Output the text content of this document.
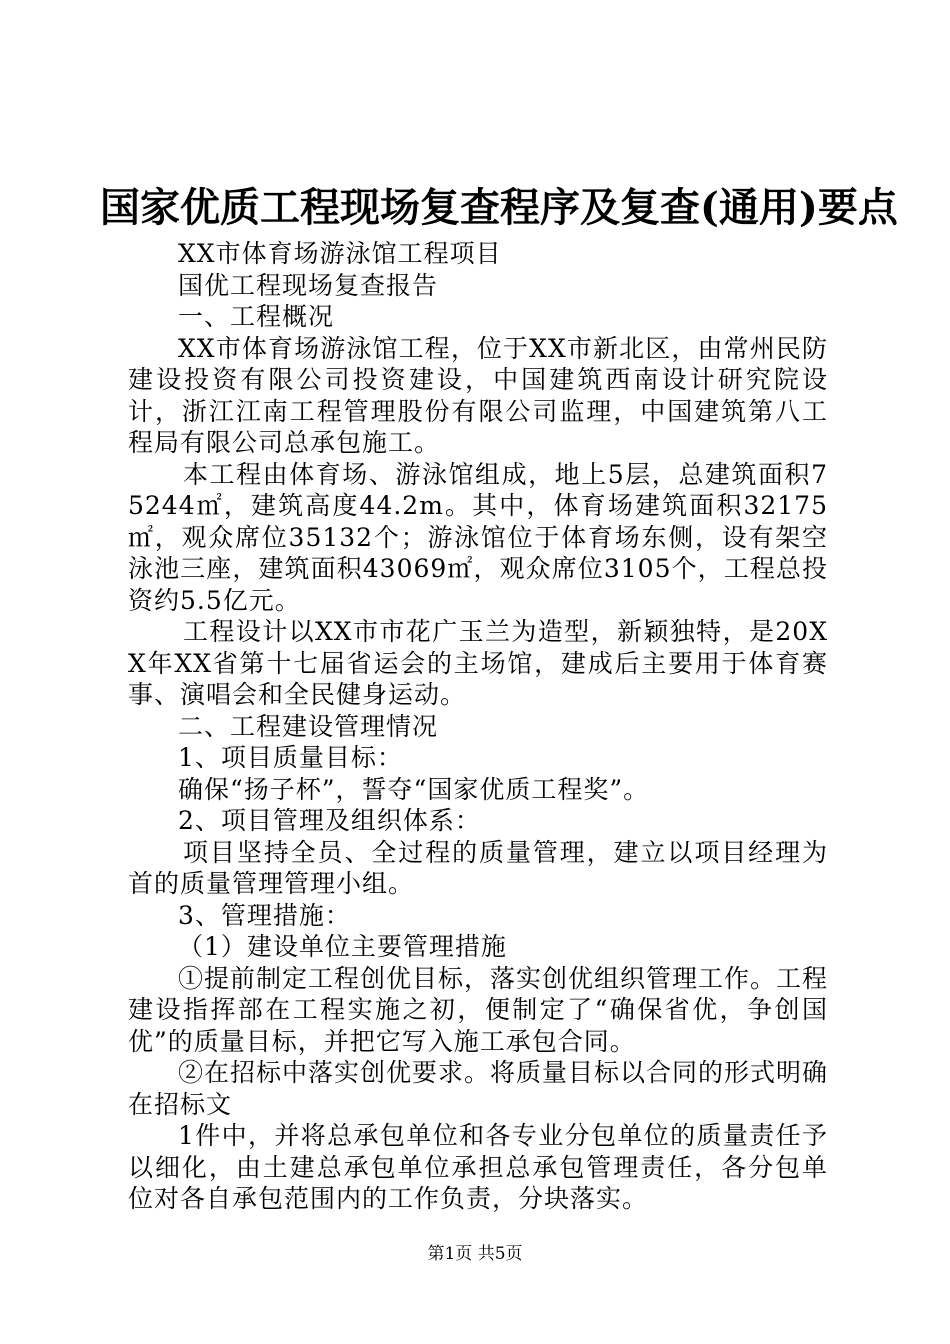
国家优质工程现场复查程序及复查(通用)要点

XX市体育场游泳馆工程项目

国优工程现场复查报告

一、工程概况

XX市体育场游泳馆工程，位于XX市新北区，由常州民防建设投资有限公司投资建设，中国建筑西南设计研究院设计，浙江江南工程管理股份有限公司监理，中国建筑第八工程局有限公司总承包施工。

本工程由体育场、游泳馆组成，地上5层，总建筑面积75244㎡，建筑高度44.2m。其中，体育场建筑面积32175㎡，观众席位35132个；游泳馆位于体育场东侧，设有架空泳池三座，建筑面积43069㎡，观众席位3105个，工程总投资约5.5亿元。

工程设计以XX市市花广玉兰为造型，新颖独特，是20XX年XX省第十七届省运会的主场馆，建成后主要用于体育赛事、演唱会和全民健身运动。

二、工程建设管理情况

1、项目质量目标：

确保“扬子杯”，誓夺“国家优质工程奖”。

2、项目管理及组织体系：

项目坚持全员、全过程的质量管理，建立以项目经理为首的质量管理管理小组。

3、管理措施：

（1）建设单位主要管理措施

①提前制定工程创优目标，落实创优组织管理工作。工程建设指挥部在工程实施之初，便制定了“确保省优，争创国优”的质量目标，并把它写入施工承包合同。

②在招标中落实创优要求。将质量目标以合同的形式明确在招标文

1件中，并将总承包单位和各专业分包单位的质量责任予以细化，由土建总承包单位承担总承包管理责任，各分包单位对各自承包范围内的工作负责，分块落实。

第1页 共5页
